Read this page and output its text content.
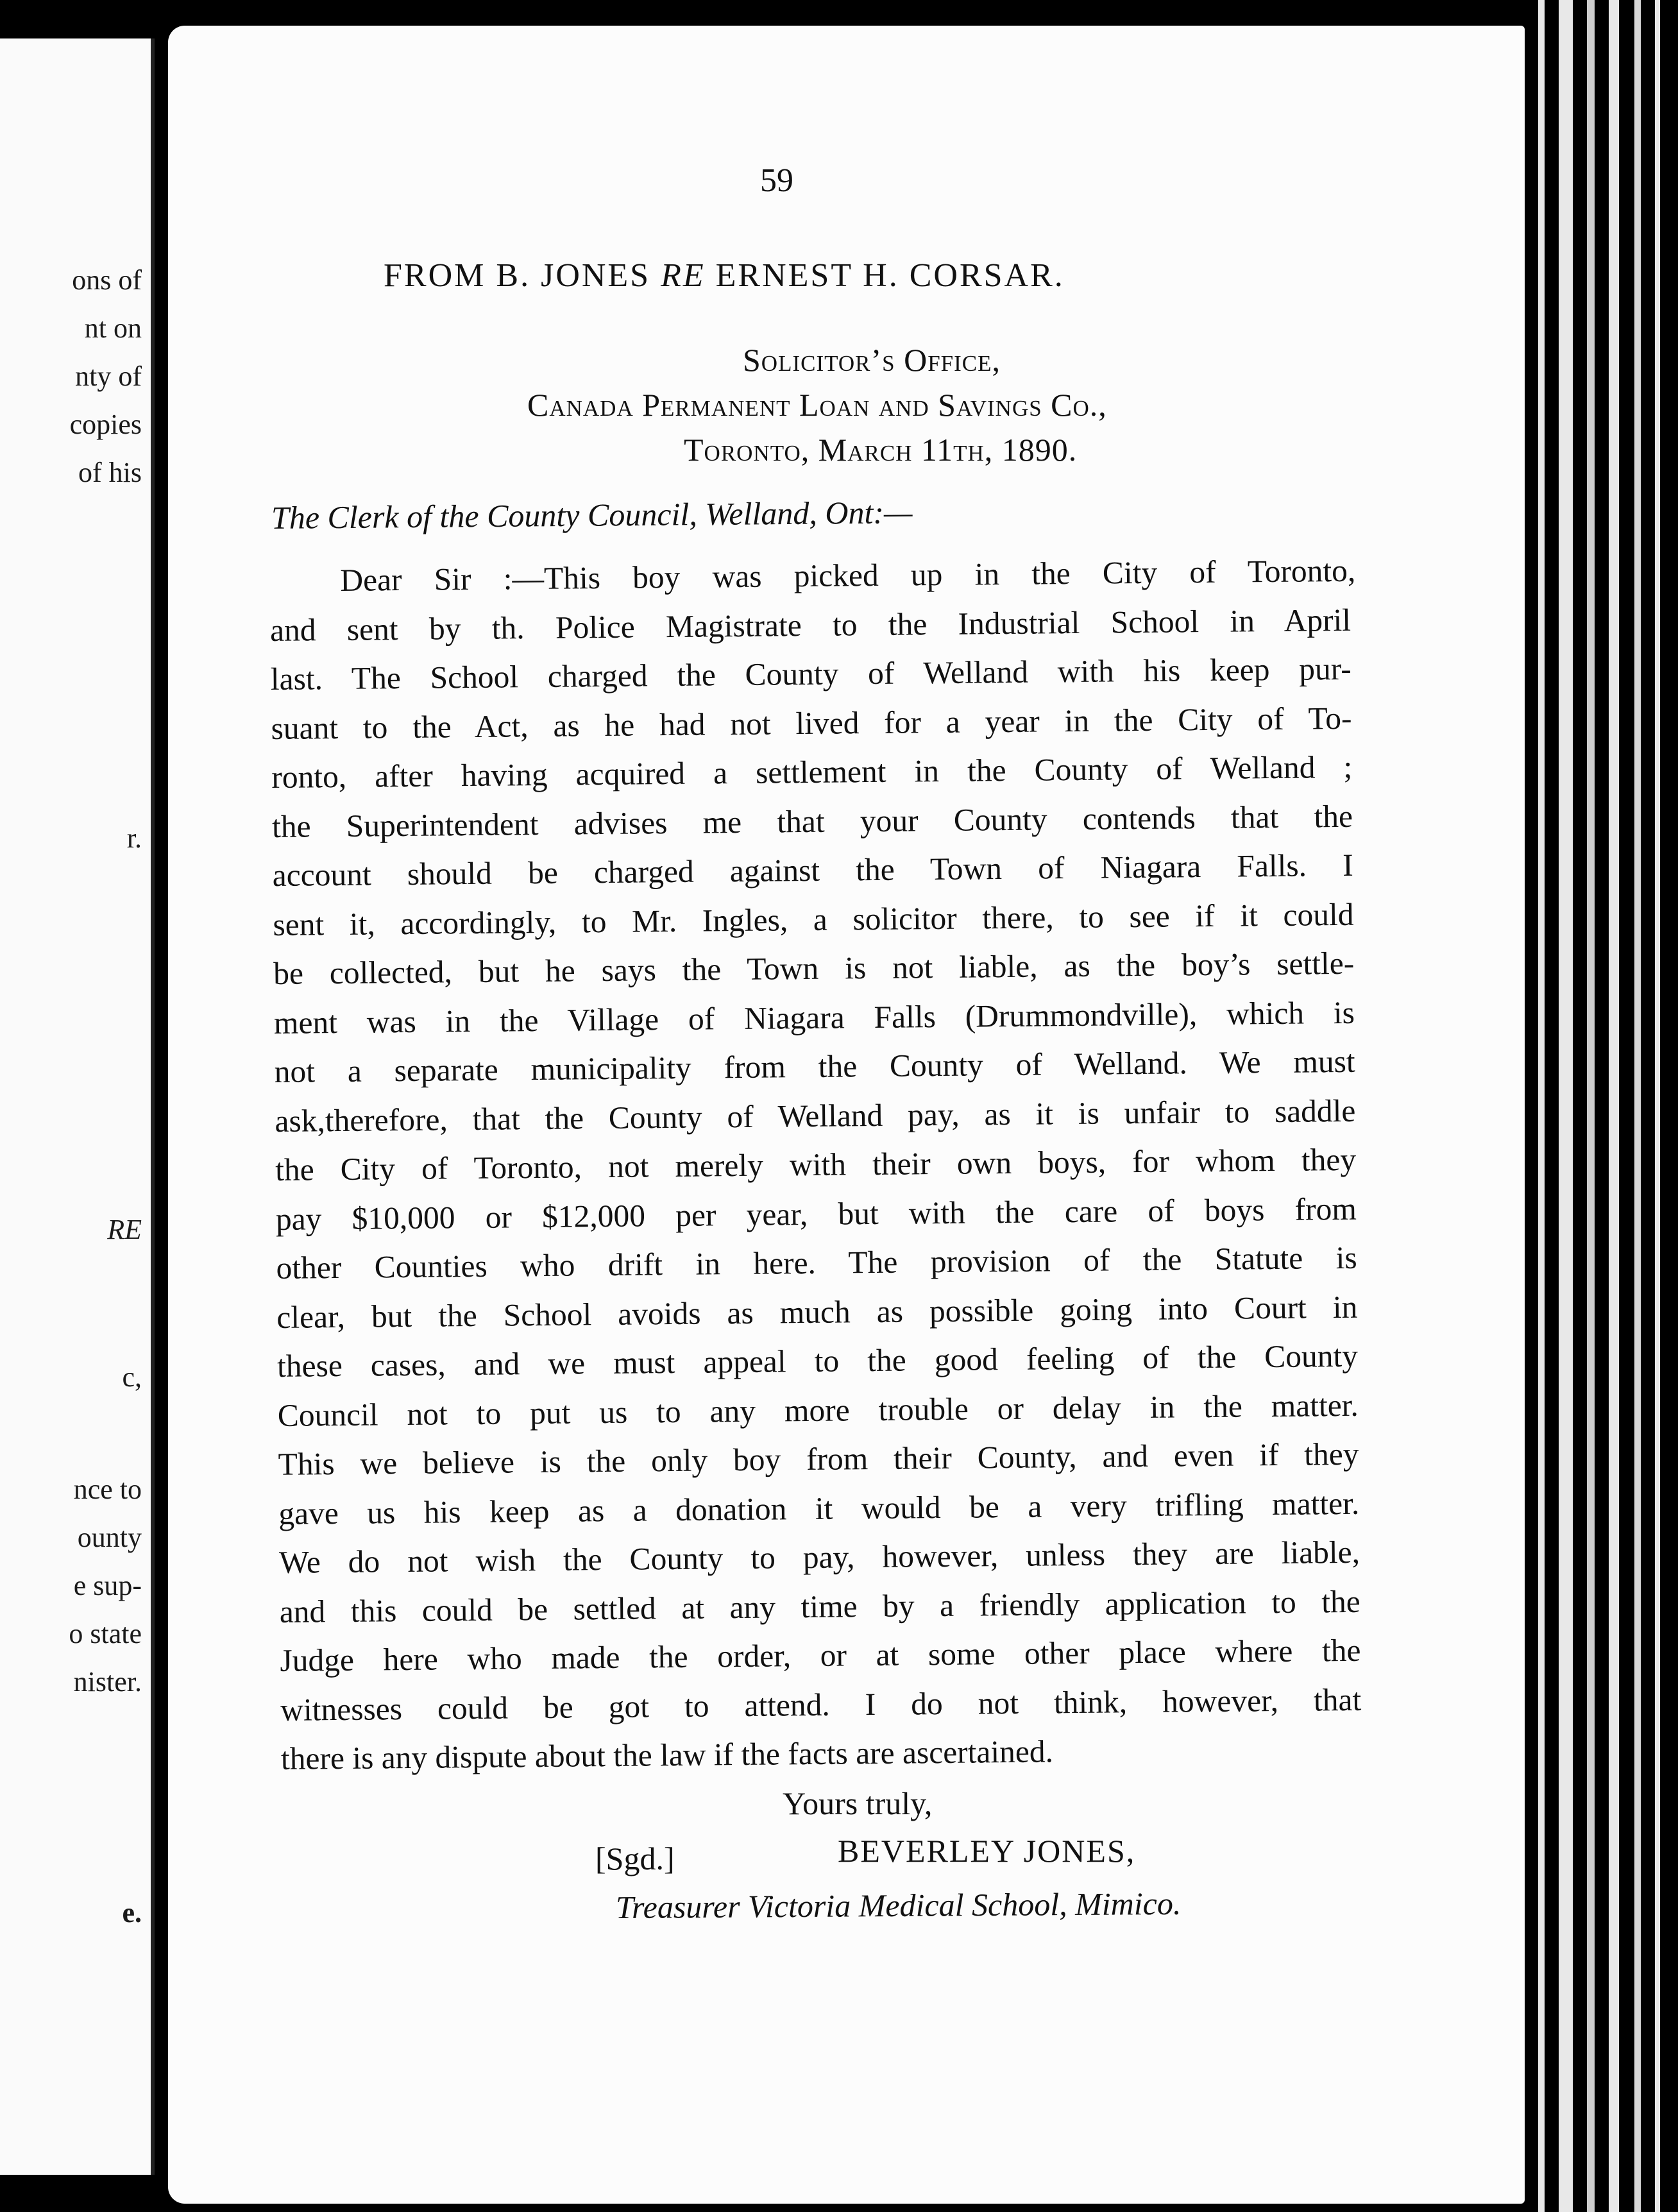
ons of
nt on
nty of
copies
of his
r.
RE
c,
nce to
ounty
e sup-
o state
nister.
e.
59
FROM B. JONES RE ERNEST H. CORSAR.
Solicitor’s Office,
Canada Permanent Loan and Savings Co.,
Toronto, March 11th, 1890.
The Clerk of the County Council, Welland, Ont:—
Dear Sir :—This boy was picked up in the City of Toronto,
and sent by th. Police Magistrate to the Industrial School in April
last. The School charged the County of Welland with his keep pur-
suant to the Act, as he had not lived for a year in the City of To-
ronto, after having acquired a settlement in the County of Welland ;
the Superintendent advises me that your County contends that the
account should be charged against the Town of Niagara Falls. I
sent it, accordingly, to Mr. Ingles, a solicitor there, to see if it could
be collected, but he says the Town is not liable, as the boy’s settle-
ment was in the Village of Niagara Falls (Drummondville), which is
not a separate municipality from the County of Welland. We must
ask,therefore, that the County of Welland pay, as it is unfair to saddle
the City of Toronto, not merely with their own boys, for whom they
pay $10,000 or $12,000 per year, but with the care of boys from
other Counties who drift in here. The provision of the Statute is
clear, but the School avoids as much as possible going into Court in
these cases, and we must appeal to the good feeling of the County
Council not to put us to any more trouble or delay in the matter.
This we believe is the only boy from their County, and even if they
gave us his keep as a donation it would be a very trifling matter.
We do not wish the County to pay, however, unless they are liable,
and this could be settled at any time by a friendly application to the
Judge here who made the order, or at some other place where the
witnesses could be got to attend. I do not think, however, that
there is any dispute about the law if the facts are ascertained.
Yours truly,
[Sgd.]	BEVERLEY JONES,
Treasurer Victoria Medical School, Mimico.
